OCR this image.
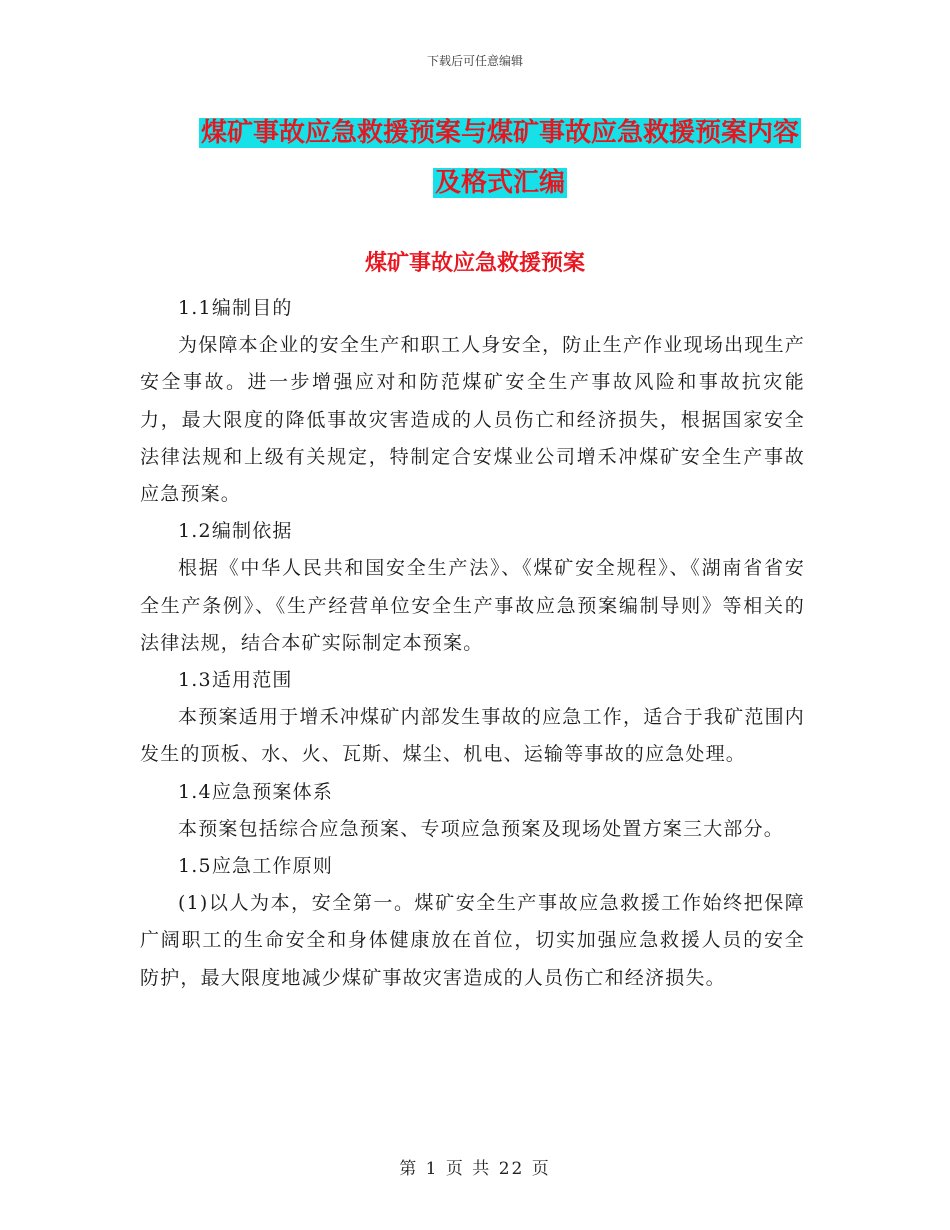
下载后可任意编辑
煤矿事故应急救援预案与煤矿事故应急救援预案内容
及格式汇编
煤矿事故应急救援预案

1.1编制目的

为保障本企业的安全生产和职工人身安全，防止生产作业现场出现生产安全事故。进一步增强应对和防范煤矿安全生产事故风险和事故抗灾能力，最大限度的降低事故灾害造成的人员伤亡和经济损失，根据国家安全法律法规和上级有关规定，特制定合安煤业公司增禾冲煤矿安全生产事故应急预案。

1.2编制依据

根据《中华人民共和国安全生产法》、《煤矿安全规程》、《湖南省省安全生产条例》、《生产经营单位安全生产事故应急预案编制导则》等相关的法律法规，结合本矿实际制定本预案。

1.3适用范围

本预案适用于增禾冲煤矿内部发生事故的应急工作，适合于我矿范围内发生的顶板、水、火、瓦斯、煤尘、机电、运输等事故的应急处理。

1.4应急预案体系

本预案包括综合应急预案、专项应急预案及现场处置方案三大部分。

1.5应急工作原则

(1)以人为本，安全第一。煤矿安全生产事故应急救援工作始终把保障广阔职工的生命安全和身体健康放在首位，切实加强应急救援人员的安全防护，最大限度地减少煤矿事故灾害造成的人员伤亡和经济损失。

第 1 页 共 22 页
